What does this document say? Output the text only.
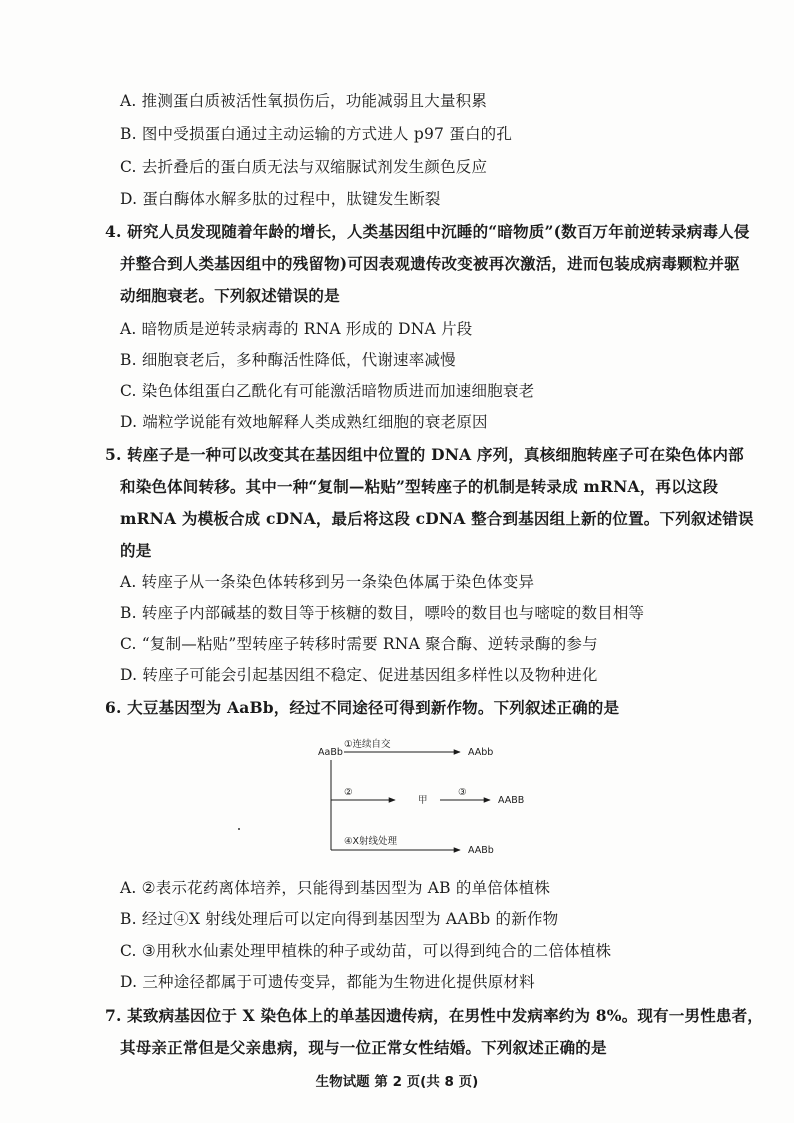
A. 推测蛋白质被活性氧损伤后，功能减弱且大量积累
B. 图中受损蛋白通过主动运输的方式进人 p97 蛋白的孔
C. 去折叠后的蛋白质无法与双缩脲试剂发生颜色反应
D. 蛋白酶体水解多肽的过程中，肽键发生断裂
4. 研究人员发现随着年龄的增长，人类基因组中沉睡的“暗物质”(数百万年前逆转录病毒人侵
并整合到人类基因组中的残留物)可因表观遗传改变被再次激活，进而包装成病毒颗粒并驱
动细胞衰老。下列叙述错误的是
A. 暗物质是逆转录病毒的 RNA 形成的 DNA 片段
B. 细胞衰老后，多种酶活性降低，代谢速率减慢
C. 染色体组蛋白乙酰化有可能激活暗物质进而加速细胞衰老
D. 端粒学说能有效地解释人类成熟红细胞的衰老原因
5. 转座子是一种可以改变其在基因组中位置的 DNA 序列，真核细胞转座子可在染色体内部
和染色体间转移。其中一种“复制—粘贴”型转座子的机制是转录成 mRNA，再以这段
mRNA 为模板合成 cDNA，最后将这段 cDNA 整合到基因组上新的位置。下列叙述错误
的是
A. 转座子从一条染色体转移到另一条染色体属于染色体变异
B. 转座子内部碱基的数目等于核糖的数目，嘌呤的数目也与嘧啶的数目相等
C. “复制—粘贴”型转座子转移时需要 RNA 聚合酶、逆转录酶的参与
D. 转座子可能会引起基因组不稳定、促进基因组多样性以及物种进化
6. 大豆基因型为 AaBb，经过不同途径可得到新作物。下列叙述正确的是
AaBb
①连续自交
AAbb
②
甲
③
AABB
④X射线处理
AABb
A. ②表示花药离体培养，只能得到基因型为 AB 的单倍体植株
B. 经过④X 射线处理后可以定向得到基因型为 AABb 的新作物
C. ③用秋水仙素处理甲植株的种子或幼苗，可以得到纯合的二倍体植株
D. 三种途径都属于可遗传变异，都能为生物进化提供原材料
7. 某致病基因位于 X 染色体上的单基因遗传病，在男性中发病率约为 8%。现有一男性患者，
其母亲正常但是父亲患病，现与一位正常女性结婚。下列叙述正确的是
生物试题 第 2 页(共 8 页)
